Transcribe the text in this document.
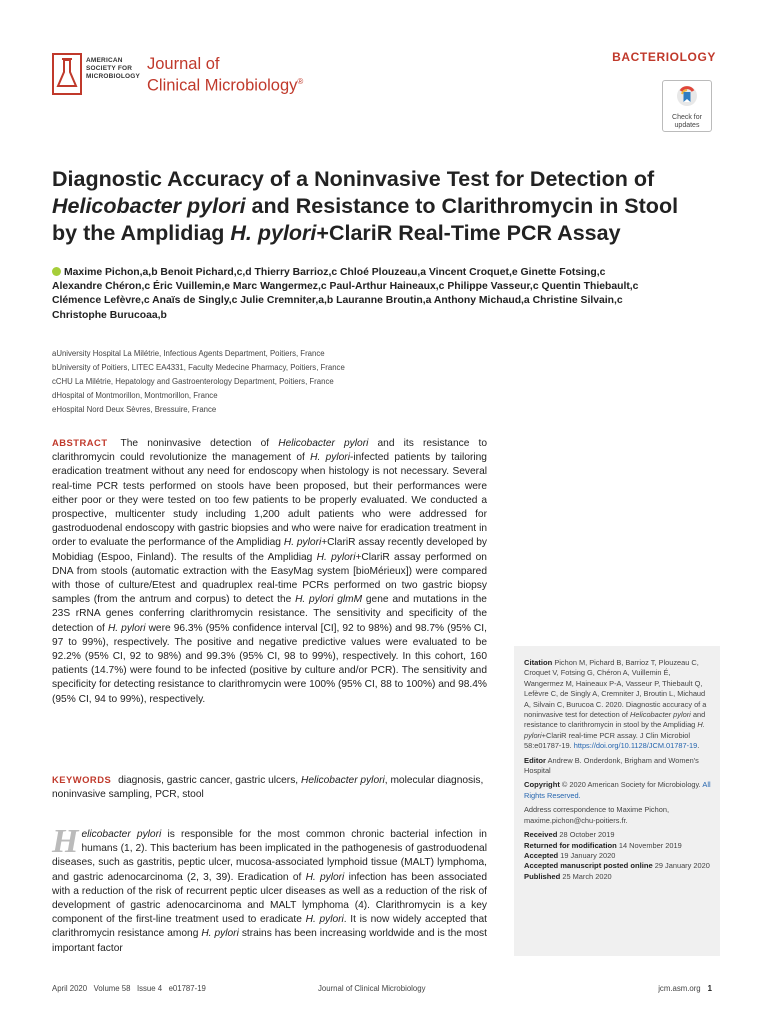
AMERICAN
SOCIETY FOR
MICROBIOLOGY
Journal of
Clinical Microbiology®
BACTERIOLOGY
Check for updates
Diagnostic Accuracy of a Noninvasive Test for Detection of
Helicobacter pylori and Resistance to Clarithromycin in Stool
by the Amplidiag H. pylori+ClariR Real-Time PCR Assay
Maxime Pichon,a,b Benoit Pichard,c,d Thierry Barrioz,c Chloé Plouzeau,a Vincent Croquet,e Ginette Fotsing,c
Alexandre Chéron,c Éric Vuillemin,e Marc Wangermez,c Paul-Arthur Haineaux,c Philippe Vasseur,c Quentin Thiebault,c
Clémence Lefèvre,c Anaïs de Singly,c Julie Cremniter,a,b Lauranne Broutin,a Anthony Michaud,a Christine Silvain,c
Christophe Burucoaa,b
aUniversity Hospital La Milétrie, Infectious Agents Department, Poitiers, France
bUniversity of Poitiers, LITEC EA4331, Faculty Medecine Pharmacy, Poitiers, France
cCHU La Milétrie, Hepatology and Gastroenterology Department, Poitiers, France
dHospital of Montmorillon, Montmorillon, France
eHospital Nord Deux Sèvres, Bressuire, France
ABSTRACT The noninvasive detection of Helicobacter pylori and its resistance to clarithromycin could revolutionize the management of H. pylori-infected patients by tailoring eradication treatment without any need for endoscopy when histology is not necessary. Several real-time PCR tests performed on stools have been proposed, but their performances were either poor or they were tested on too few patients to be properly evaluated. We conducted a prospective, multicenter study including 1,200 adult patients who were addressed for gastroduodenal endoscopy with gastric biopsies and who were naive for eradication treatment in order to evaluate the performance of the Amplidiag H. pylori+ClariR assay recently developed by Mobidiag (Espoo, Finland). The results of the Amplidiag H. pylori+ClariR assay performed on DNA from stools (automatic extraction with the EasyMag system [bioMérieux]) were compared with those of culture/Etest and quadruplex real-time PCRs performed on two gastric biopsy samples (from the antrum and corpus) to detect the H. pylori glmM gene and mutations in the 23S rRNA genes conferring clarithromycin resistance. The sensitivity and specificity of the detection of H. pylori were 96.3% (95% confidence interval [CI], 92 to 98%) and 98.7% (95% CI, 97 to 99%), respectively. The positive and negative predictive values were evaluated to be 92.2% (95% CI, 92 to 98%) and 99.3% (95% CI, 98 to 99%), respectively. In this cohort, 160 patients (14.7%) were found to be infected (positive by culture and/or PCR). The sensitivity and specificity for detecting resistance to clarithromycin were 100% (95% CI, 88 to 100%) and 98.4% (95% CI, 94 to 99%), respectively.
KEYWORDS diagnosis, gastric cancer, gastric ulcers, Helicobacter pylori, molecular diagnosis, noninvasive sampling, PCR, stool
Helicobacter pylori is responsible for the most common chronic bacterial infection in humans (1, 2). This bacterium has been implicated in the pathogenesis of gastroduodenal diseases, such as gastritis, peptic ulcer, mucosa-associated lymphoid tissue (MALT) lymphoma, and gastric adenocarcinoma (2, 3, 39). Eradication of H. pylori infection has been associated with a reduction of the risk of recurrent peptic ulcer diseases as well as a reduction of the risk of development of gastric adenocarcinoma and MALT lymphoma (4). Clarithromycin is a key component of the first-line treatment used to eradicate H. pylori. It is now widely accepted that clarithromycin resistance among H. pylori strains has been increasing worldwide and is the most important factor
Citation Pichon M, Pichard B, Barrioz T, Plouzeau C, Croquet V, Fotsing G, Chéron A, Vuillemin É, Wangermez M, Haineaux P-A, Vasseur P, Thiebault Q, Lefèvre C, de Singly A, Cremniter J, Broutin L, Michaud A, Silvain C, Burucoa C. 2020. Diagnostic accuracy of a noninvasive test for detection of Helicobacter pylori and resistance to clarithromycin in stool by the Amplidiag H. pylori+ClariR real-time PCR assay. J Clin Microbiol 58:e01787-19. https://doi.org/10.1128/JCM.01787-19.
Editor Andrew B. Onderdonk, Brigham and Women's Hospital
Copyright © 2020 American Society for Microbiology. All Rights Reserved.
Address correspondence to Maxime Pichon, maxime.pichon@chu-poitiers.fr.
Received 28 October 2019
Returned for modification 14 November 2019
Accepted 19 January 2020
Accepted manuscript posted online 29 January 2020
Published 25 March 2020
April 2020   Volume 58   Issue 4   e01787-19	Journal of Clinical Microbiology	jcm.asm.org 1
